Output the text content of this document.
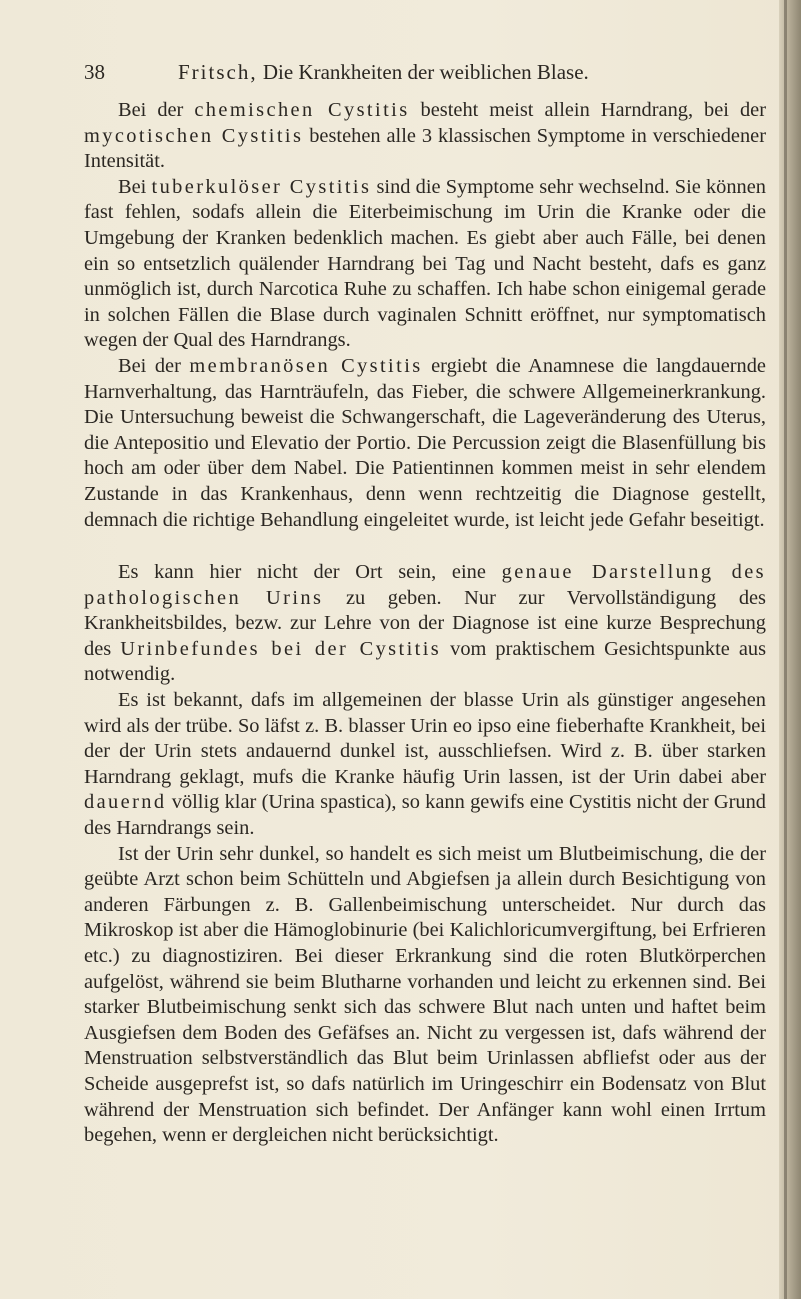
38	Fritsch, Die Krankheiten der weiblichen Blase.

Bei der chemischen Cystitis besteht meist allein Harndrang, bei der mycotischen Cystitis bestehen alle 3 klassischen Symptome in verschiedener Intensität.

Bei tuberkulöser Cystitis sind die Symptome sehr wechselnd. Sie können fast fehlen, sodafs allein die Eiterbeimischung im Urin die Kranke oder die Umgebung der Kranken bedenklich machen. Es giebt aber auch Fälle, bei denen ein so entsetzlich quälender Harndrang bei Tag und Nacht besteht, dafs es ganz unmöglich ist, durch Narcotica Ruhe zu schaffen. Ich habe schon einigemal gerade in solchen Fällen die Blase durch vaginalen Schnitt eröffnet, nur symptomatisch wegen der Qual des Harndrangs.

Bei der membranösen Cystitis ergiebt die Anamnese die langdauernde Harnverhaltung, das Harnträufeln, das Fieber, die schwere Allgemeinerkrankung. Die Untersuchung beweist die Schwangerschaft, die Lageveränderung des Uterus, die Antepositio und Elevatio der Portio. Die Percussion zeigt die Blasenfüllung bis hoch am oder über dem Nabel. Die Patientinnen kommen meist in sehr elendem Zustande in das Krankenhaus, denn wenn rechtzeitig die Diagnose gestellt, demnach die richtige Behandlung eingeleitet wurde, ist leicht jede Gefahr beseitigt.

Es kann hier nicht der Ort sein, eine genaue Darstellung des pathologischen Urins zu geben. Nur zur Vervollständigung des Krankheitsbildes, bezw. zur Lehre von der Diagnose ist eine kurze Besprechung des Urinbefundes bei der Cystitis vom praktischem Gesichtspunkte aus notwendig.

Es ist bekannt, dafs im allgemeinen der blasse Urin als günstiger angesehen wird als der trübe. So läfst z. B. blasser Urin eo ipso eine fieberhafte Krankheit, bei der der Urin stets andauernd dunkel ist, ausschliefsen. Wird z. B. über starken Harndrang geklagt, mufs die Kranke häufig Urin lassen, ist der Urin dabei aber dauernd völlig klar (Urina spastica), so kann gewifs eine Cystitis nicht der Grund des Harndrangs sein.

Ist der Urin sehr dunkel, so handelt es sich meist um Blutbeimischung, die der geübte Arzt schon beim Schütteln und Abgiefsen ja allein durch Besichtigung von anderen Färbungen z. B. Gallenbeimischung unterscheidet. Nur durch das Mikroskop ist aber die Hämoglobinurie (bei Kalichloricumvergiftung, bei Erfrieren etc.) zu diagnostiziren. Bei dieser Erkrankung sind die roten Blutkörperchen aufgelöst, während sie beim Blutharne vorhanden und leicht zu erkennen sind. Bei starker Blutbeimischung senkt sich das schwere Blut nach unten und haftet beim Ausgiefsen dem Boden des Gefäfses an. Nicht zu vergessen ist, dafs während der Menstruation selbstverständlich das Blut beim Urinlassen abfliefst oder aus der Scheide ausgeprefst ist, so dafs natürlich im Uringeschirr ein Bodensatz von Blut während der Menstruation sich befindet. Der Anfänger kann wohl einen Irrtum begehen, wenn er dergleichen nicht berücksichtigt.
